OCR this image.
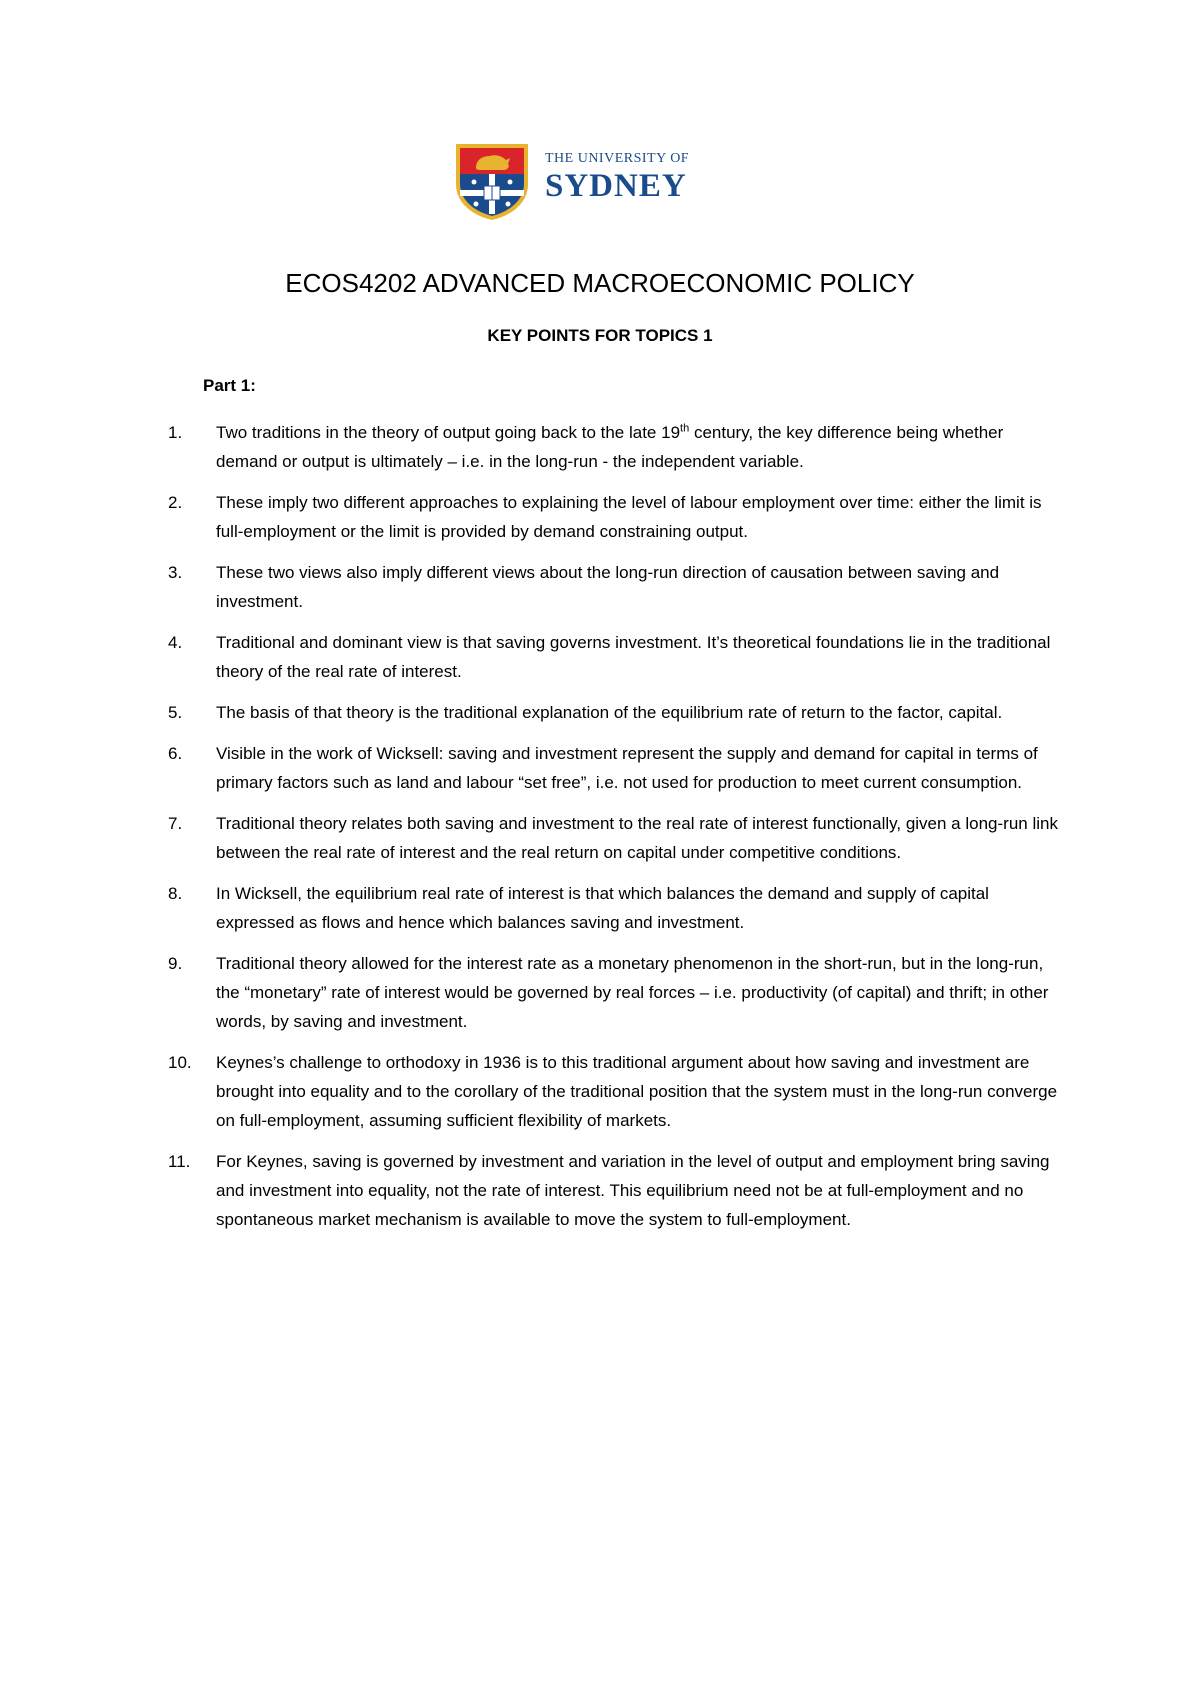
THE UNIVERSITY OF
SYDNEY
ECOS4202 ADVANCED MACROECONOMIC POLICY
KEY POINTS FOR TOPICS 1
Part 1:
1.	Two traditions in the theory of output going back to the late 19th century, the key difference being whether demand or output is ultimately – i.e. in the long-run - the independent variable.
2.	These imply two different approaches to explaining the level of labour employment over time: either the limit is full-employment or the limit is provided by demand constraining output.
3.	These two views also imply different views about the long-run direction of causation between saving and investment.
4.	Traditional and dominant view is that saving governs investment. It’s theoretical foundations lie in the traditional theory of the real rate of interest.
5.	The basis of that theory is the traditional explanation of the equilibrium rate of return to the factor, capital.
6.	Visible in the work of Wicksell: saving and investment represent the supply and demand for capital in terms of primary factors such as land and labour “set free”, i.e. not used for production to meet current consumption.
7.	Traditional theory relates both saving and investment to the real rate of interest functionally, given a long-run link between the real rate of interest and the real return on capital under competitive conditions.
8.	In Wicksell, the equilibrium real rate of interest is that which balances the demand and supply of capital expressed as flows and hence which balances saving and investment.
9.	Traditional theory allowed for the interest rate as a monetary phenomenon in the short-run, but in the long-run, the “monetary” rate of interest would be governed by real forces – i.e. productivity (of capital) and thrift; in other words, by saving and investment.
10.	Keynes’s challenge to orthodoxy in 1936 is to this traditional argument about how saving and investment are brought into equality and to the corollary of the traditional position that the system must in the long-run converge on full-employment, assuming sufficient flexibility of markets.
11.	For Keynes, saving is governed by investment and variation in the level of output and employment bring saving and investment into equality, not the rate of interest. This equilibrium need not be at full-employment and no spontaneous market mechanism is available to move the system to full-employment.
